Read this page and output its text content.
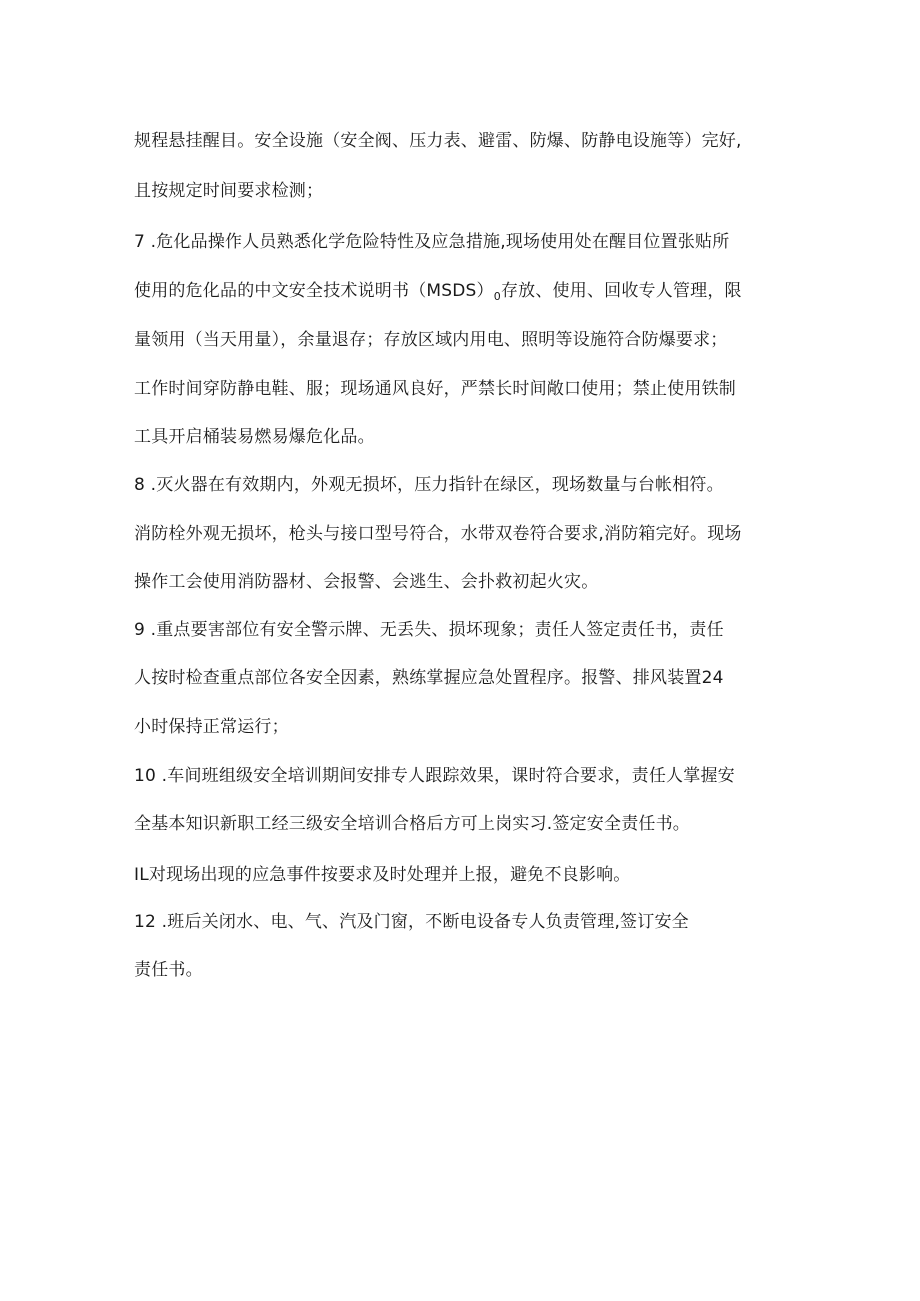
规程悬挂醒目。安全设施（安全阀、压力表、避雷、防爆、防静电设施等）完好,
且按规定时间要求检测；
7 .危化品操作人员熟悉化学危险特性及应急措施,现场使用处在醒目位置张贴所
使用的危化品的中文安全技术说明书$(MSDS)_0$存放、使用、回收专人管理，限
量领用（当天用量），余量退存；存放区域内用电、照明等设施符合防爆要求；
工作时间穿防静电鞋、服；现场通风良好，严禁长时间敞口使用；禁止使用铁制
工具开启桶装易燃易爆危化品。
8 .灭火器在有效期内，外观无损坏，压力指针在绿区，现场数量与台帐相符。
消防栓外观无损坏，枪头与接口型号符合，水带双卷符合要求,消防箱完好。现场
操作工会使用消防器材、会报警、会逃生、会扑救初起火灾。
9 .重点要害部位有安全警示牌、无丢失、损坏现象；责任人签定责任书，责任
人按时检查重点部位各安全因素，熟练掌握应急处置程序。报警、排风装置24
小时保持正常运行；
10 .车间班组级安全培训期间安排专人跟踪效果，课时符合要求，责任人掌握安
全基本知识新职工经三级安全培训合格后方可上岗实习.签定安全责任书。
IL对现场出现的应急事件按要求及时处理并上报，避免不良影响。
12 .班后关闭水、电、气、汽及门窗，不断电设备专人负责管理,签订安全
责任书。
